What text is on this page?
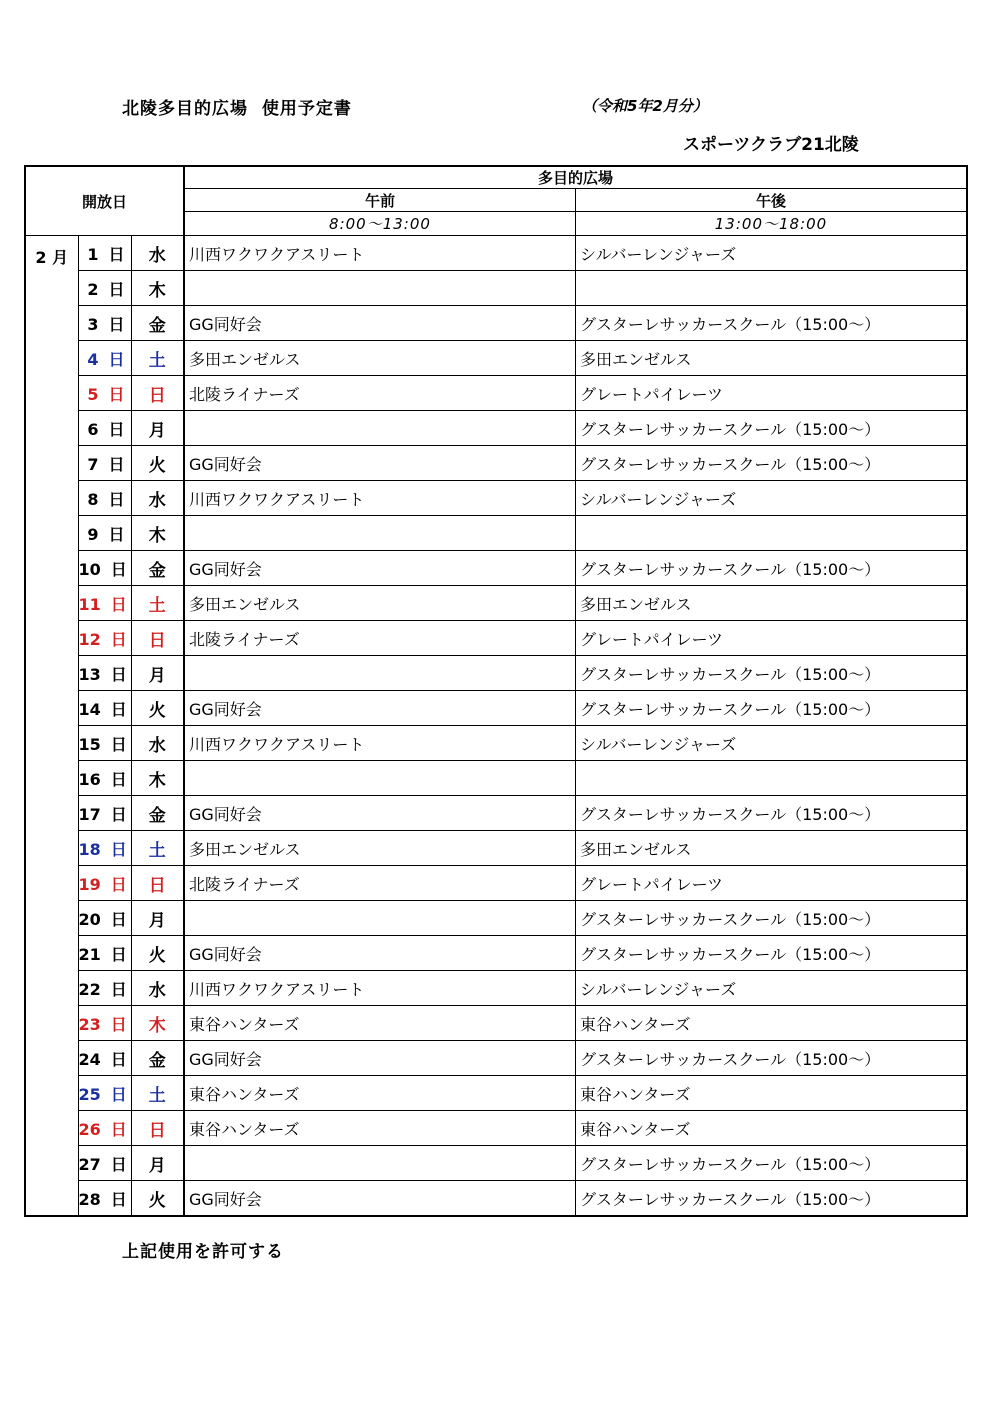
北陵多目的広場  使用予定書	（令和5年2月分）
スポーツクラブ21北陵
開放日			多目的広場	
			午前	午後
			8:00～13:00	13:00～18:00
2 月	1 日	水	川西ワクワクアスリート	シルバーレンジャーズ
	2 日	木		
	3 日	金	GG同好会	グスターレサッカースクール（15:00～）
	4 日	土	多田エンゼルス	多田エンゼルス
	5 日	日	北陵ライナーズ	グレートパイレーツ
	6 日	月		グスターレサッカースクール（15:00～）
	7 日	火	GG同好会	グスターレサッカースクール（15:00～）
	8 日	水	川西ワクワクアスリート	シルバーレンジャーズ
	9 日	木		
	10 日	金	GG同好会	グスターレサッカースクール（15:00～）
	11 日	土	多田エンゼルス	多田エンゼルス
	12 日	日	北陵ライナーズ	グレートパイレーツ
	13 日	月		グスターレサッカースクール（15:00～）
	14 日	火	GG同好会	グスターレサッカースクール（15:00～）
	15 日	水	川西ワクワクアスリート	シルバーレンジャーズ
	16 日	木		
	17 日	金	GG同好会	グスターレサッカースクール（15:00～）
	18 日	土	多田エンゼルス	多田エンゼルス
	19 日	日	北陵ライナーズ	グレートパイレーツ
	20 日	月		グスターレサッカースクール（15:00～）
	21 日	火	GG同好会	グスターレサッカースクール（15:00～）
	22 日	水	川西ワクワクアスリート	シルバーレンジャーズ
	23 日	木	東谷ハンターズ	東谷ハンターズ
	24 日	金	GG同好会	グスターレサッカースクール（15:00～）
	25 日	土	東谷ハンターズ	東谷ハンターズ
	26 日	日	東谷ハンターズ	東谷ハンターズ
	27 日	月		グスターレサッカースクール（15:00～）
	28 日	火	GG同好会	グスターレサッカースクール（15:00～）
上記使用を許可する
